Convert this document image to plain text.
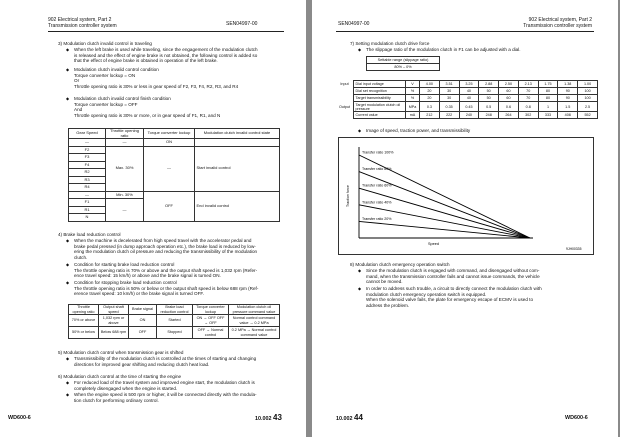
902 Electrical system, Part 2
Transmission controller system	SEN04997-00
3) Modulation clutch invalid control in traveling
◆ When the left brake is used while traveling, since the engagement of the modulation clutch
is released and the effect of engine brake is not obtained, the following control is added so
that the effect of engine brake is obtained in operation of the left brake.
◆ Modulation clutch invalid control condition
Torque converter lockup = ON
Or
Throttle opening ratio is 30% or less in gear speed of F2, F3, F4, R2, R3, and R4
◆ Modulation clutch invalid control finish condition
Torque converter lockup = OFF
And
Throttle opening ratio is 30% or more, or in gear speed of F1, R1, and N
Gear Speed	Throttle opening ratio	Torque converter lockup	Modulation clutch invalid control state
—	—	ON	
F2	Max. 30%	—	Start invalid control
F3			
F4			
R2			
R3			
R4			
—	Min. 30%	OFF	End invalid control
F1	—		
R1			
N			
4) Brake load reduction control
◆ When the machine is decelerated from high speed travel with the accelerator pedal and
brake pedal pressed (in dump approach operation etc.), the brake load is reduced by low-
ering the modulation clutch oil pressure and reducing the transmissibility of the modulation
clutch.
◆ Condition for starting brake load reduction control
The throttle opening ratio is 70% or above and the output shaft speed is 1,032 rpm (Refer-
ence travel speed: 15 km/h) or above and the brake signal is turned ON.
◆ Condition for stopping brake load reduction control
The throttle opening ratio is 50% or below or the output shaft speed is below 688 rpm (Ref-
erence travel speed: 10 km/h) or the brake signal is turned OFF.
Throttle opening ratio	Output shaft speed	Brake signal	Brake load reduction control	Torque converter lockup	Modulation clutch oil pressure command value
70% or above	1,032 rpm or above	ON	Started	ON → OFF OFF → OFF	Normal control command value → 0.2 MPa
50% or below	Below 688 rpm	OFF	Stopped	OFF → Normal control	0.2 MPa → Normal control command value
5) Modulation clutch control when transmission gear is shifted
◆ Transmissibility of the modulation clutch is controlled at the times of starting and changing
directions for improved gear shifting and reducing clutch heat load.
6) Modulation clutch control at the time of starting the engine
◆ For reduced load of the travel system and improved engine start, the modulation clutch is
completely disengaged when the engine is started.
◆ When the engine speed is 500 rpm or higher, it will be connected directly with the modula-
tion clutch for performing ordinary control.
WD600-6	10.002 43
SEN04997-00
902 Electrical system, Part 2
Transmission controller system
7) Setting modulation clutch drive force
◆ The slippage ratio of the modulation clutch in F1 can be adjusted with a dial.
Settable range (slippage ratio)
80% – 0%
Input	Dial input voltage	V	4.00	3.51	3.25	2.88	2.50	2.13	1.75	1.38	1.00
	Dial set recognition	%	20	30	40	50	60	70	80	90	100
Output	Target transmissibility	%	20	30	40	50	60	70	80	90	100
	Target modulation clutch oil pressure	MPa	0.3	0.35	0.45	0.5	0.6	0.8	1	1.5	2.5
	Current value	mA	212	222	240	248	264	302	333	408	552
◆ Image of speed, traction power, and transmissibility
Traction force
Speed
9JH00335
Transfer ratio 100%
Transfer ratio 80%
Transfer ratio 60%
Transfer ratio 40%
Transfer ratio 20%
8) Modulation clutch emergency operation switch
◆ Since the modulation clutch is engaged with command, and disengaged without com-
mand, when the transmission controller fails and cannot issue commands, the vehicle
cannot be moved.
◆ In order to address such trouble, a circuit to directly connect the modulation clutch with
modulation clutch emergency operation switch is equipped.
When the solenoid valve fails, the plate for emergency escape of ECMV is used to
address the problem.
10.002 44	WD600-6
